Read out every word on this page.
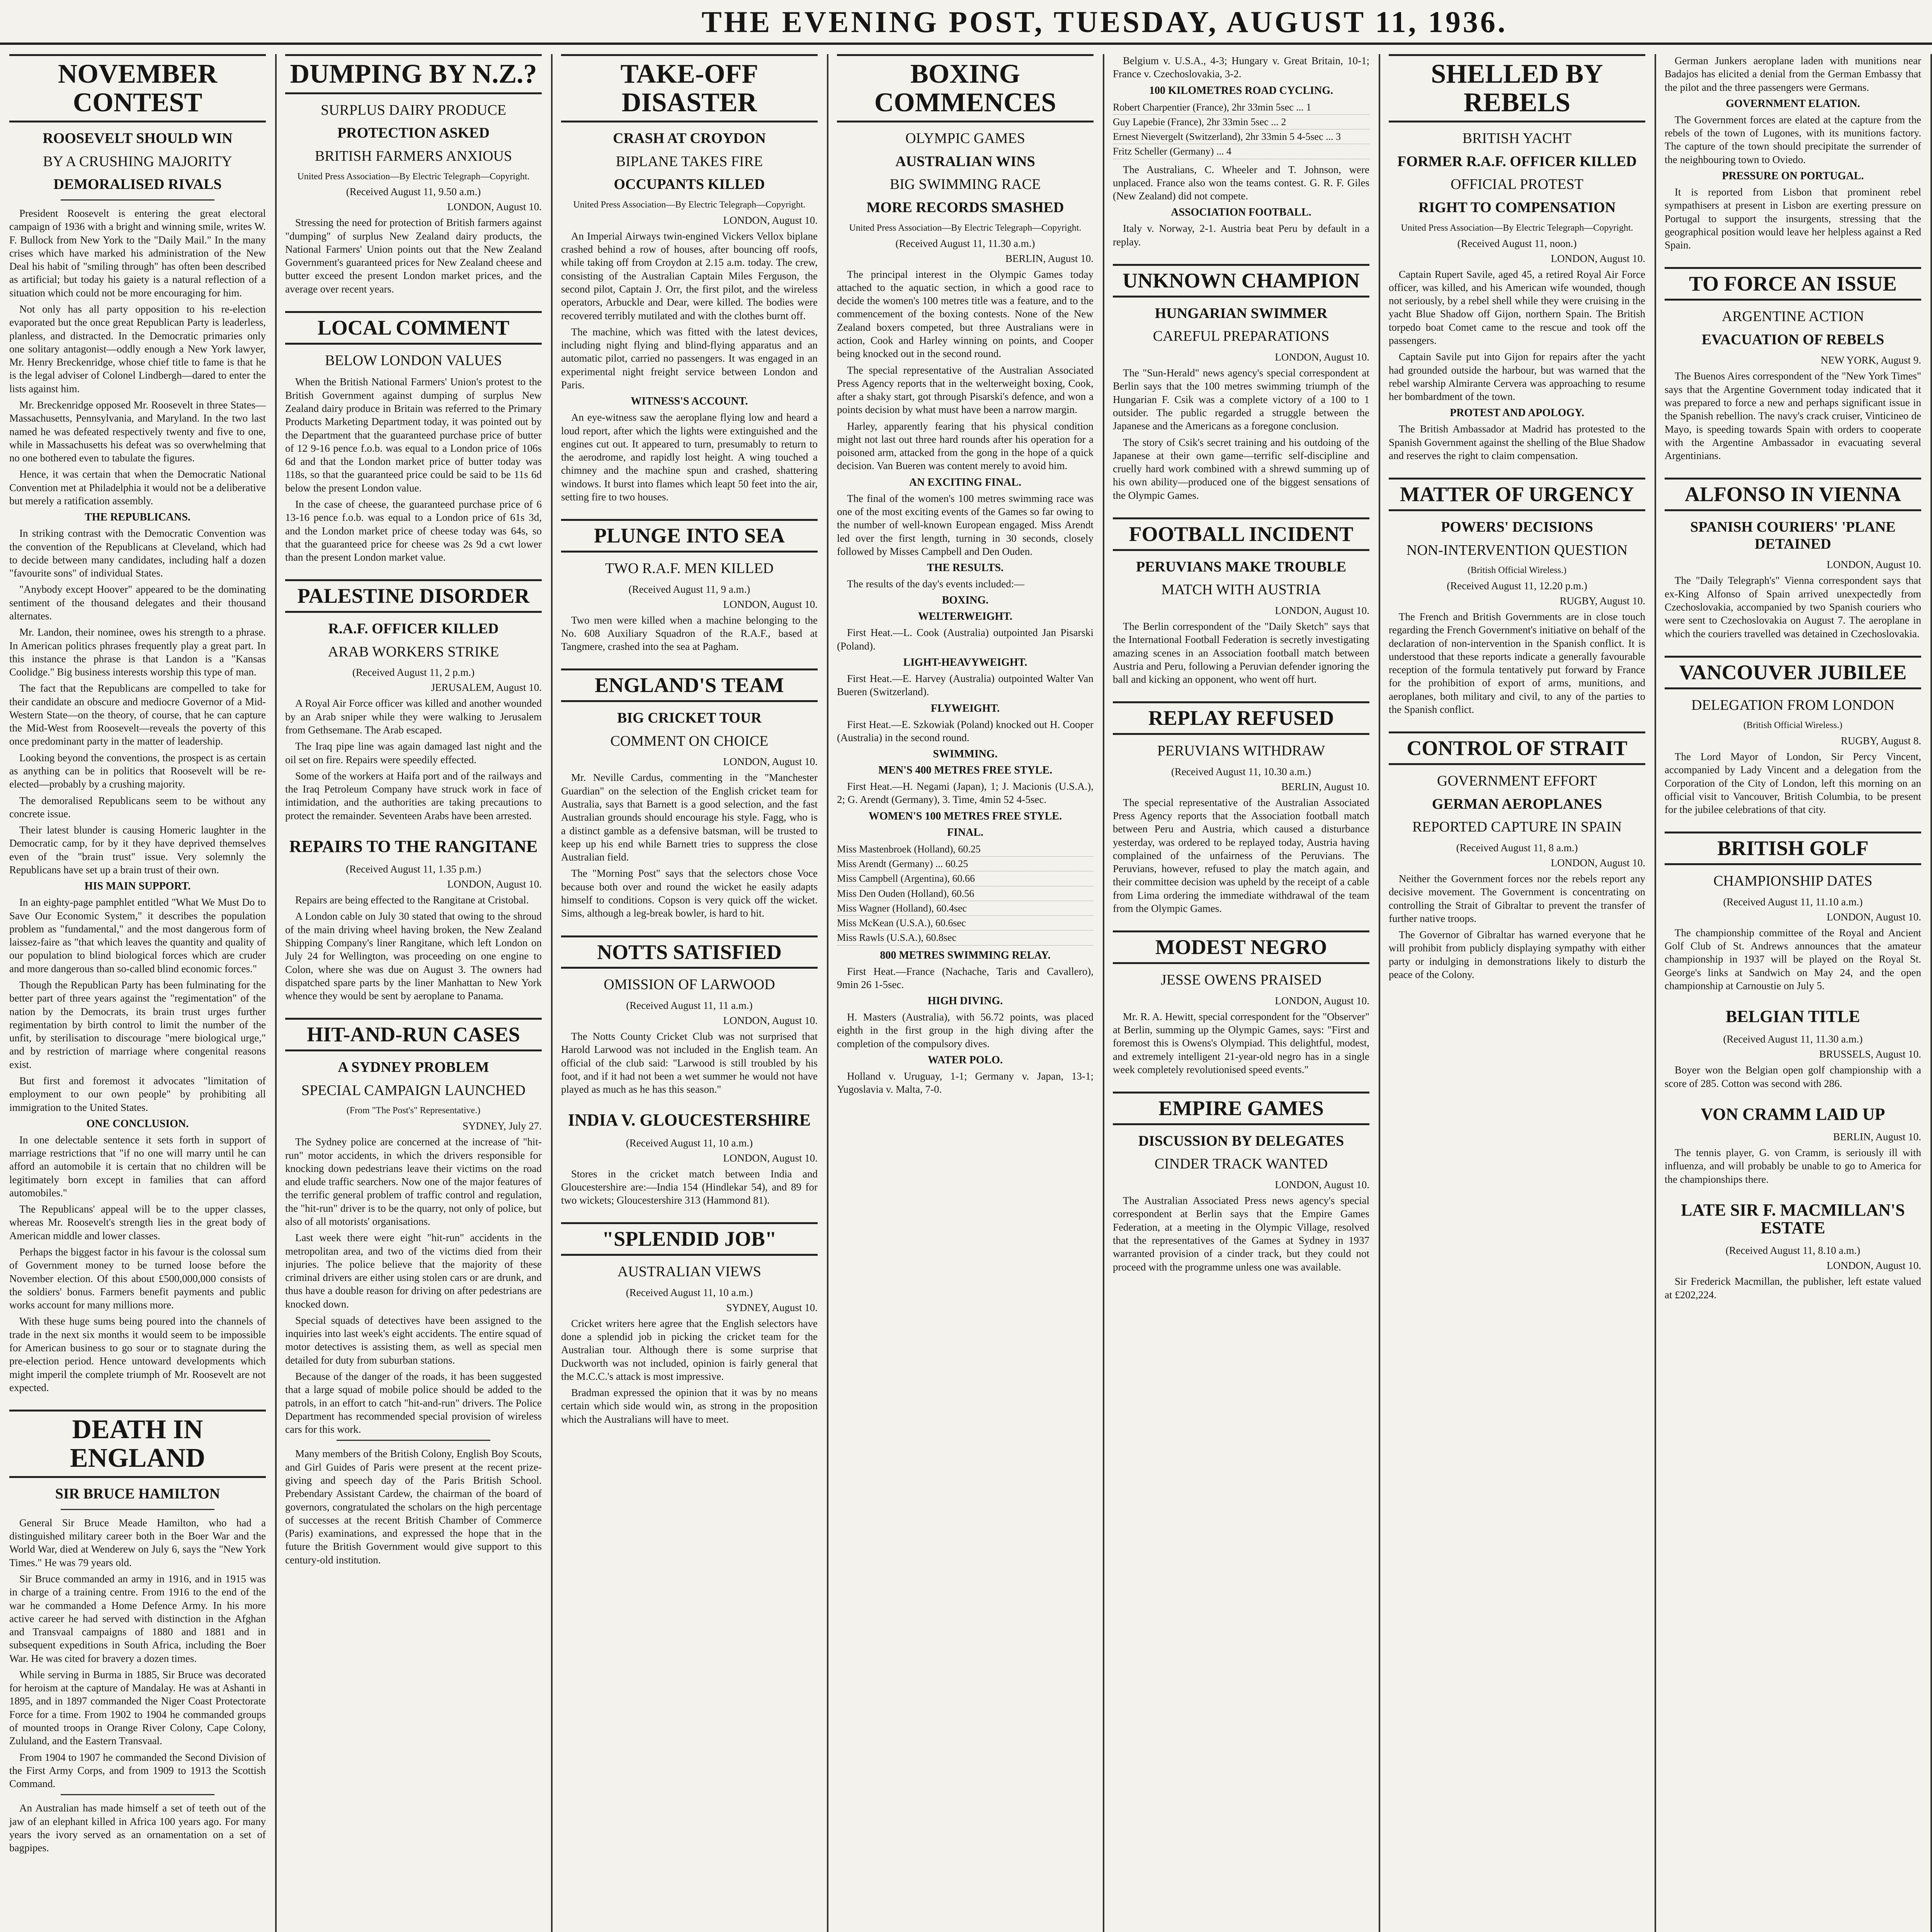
THE EVENING POST, TUESDAY, AUGUST 11, 1936.
NOVEMBER CONTEST
ROOSEVELT SHOULD WIN
BY A CRUSHING MAJORITY
DEMORALISED RIVALS

President Roosevelt is entering the great electoral campaign of 1936 with a bright and winning smile, writes W. F. Bullock from New York to the "Daily Mail." In the many crises which have marked his administration of the New Deal his habit of "smiling through" has often been described as artificial; but today his gaiety is a natural reflection of a situation which could not be more encouraging for him.

Not only has all party opposition to his re-election evaporated but the once great Republican Party is leaderless, planless, and distracted. In the Democratic primaries only one solitary antagonist—oddly enough a New York lawyer, Mr. Henry Breckenridge, whose chief title to fame is that he is the legal adviser of Colonel Lindbergh—dared to enter the lists against him.

Mr. Breckenridge opposed Mr. Roosevelt in three States—Massachusetts, Pennsylvania, and Maryland. In the two last named he was defeated respectively twenty and five to one, while in Massachusetts his defeat was so overwhelming that no one bothered even to tabulate the figures.

Hence, it was certain that when the Democratic National Convention met at Philadelphia it would not be a deliberative but merely a ratification assembly.

THE REPUBLICANS.

In striking contrast with the Democratic Convention was the convention of the Republicans at Cleveland, which had to decide between many candidates, including half a dozen "favourite sons" of individual States.

"Anybody except Hoover" appeared to be the dominating sentiment of the thousand delegates and their thousand alternates.

Mr. Landon, their nominee, owes his strength to a phrase. In American politics phrases frequently play a great part. In this instance the phrase is that Landon is a "Kansas Coolidge." Big business interests worship this type of man.

The fact that the Republicans are compelled to take for their candidate an obscure and mediocre Governor of a Mid-Western State—on the theory, of course, that he can capture the Mid-West from Roosevelt—reveals the poverty of this once predominant party in the matter of leadership.

Looking beyond the conventions, the prospect is as certain as anything can be in politics that Roosevelt will be re-elected—probably by a crushing majority.

The demoralised Republicans seem to be without any concrete issue.

Their latest blunder is causing Homeric laughter in the Democratic camp, for by it they have deprived themselves even of the "brain trust" issue. Very solemnly the Republicans have set up a brain trust of their own.

HIS MAIN SUPPORT.

In an eighty-page pamphlet entitled "What We Must Do to Save Our Economic System," it describes the population problem as "fundamental," and the most dangerous form of laissez-faire as "that which leaves the quantity and quality of our population to blind biological forces which are cruder and more dangerous than so-called blind economic forces."

Though the Republican Party has been fulminating for the better part of three years against the "regimentation" of the nation by the Democrats, its brain trust urges further regimentation by birth control to limit the number of the unfit, by sterilisation to discourage "mere biological urge," and by restriction of marriage where congenital reasons exist.

But first and foremost it advocates "limitation of employment to our own people" by prohibiting all immigration to the United States.

ONE CONCLUSION.

In one delectable sentence it sets forth in support of marriage restrictions that "if no one will marry until he can afford an automobile it is certain that no children will be legitimately born except in families that can afford automobiles."

The Republicans' appeal will be to the upper classes, whereas Mr. Roosevelt's strength lies in the great body of American middle and lower classes.

Perhaps the biggest factor in his favour is the colossal sum of Government money to be turned loose before the November election. Of this about £500,000,000 consists of the soldiers' bonus. Farmers benefit payments and public works account for many millions more.

With these huge sums being poured into the channels of trade in the next six months it would seem to be impossible for American business to go sour or to stagnate during the pre-election period. Hence untoward developments which might imperil the complete triumph of Mr. Roosevelt are not expected.

DEATH IN ENGLAND
SIR BRUCE HAMILTON

General Sir Bruce Meade Hamilton, who had a distinguished military career both in the Boer War and the World War, died at Wenderew on July 6, says the "New York Times." He was 79 years old.

Sir Bruce commanded an army in 1916, and in 1915 was in charge of a training centre. From 1916 to the end of the war he commanded a Home Defence Army. In his more active career he had served with distinction in the Afghan and Transvaal campaigns of 1880 and 1881 and in subsequent expeditions in South Africa, including the Boer War. He was cited for bravery a dozen times.

While serving in Burma in 1885, Sir Bruce was decorated for heroism at the capture of Mandalay. He was at Ashanti in 1895, and in 1897 commanded the Niger Coast Protectorate Force for a time. From 1902 to 1904 he commanded groups of mounted troops in Orange River Colony, Cape Colony, Zululand, and the Eastern Transvaal.

From 1904 to 1907 he commanded the Second Division of the First Army Corps, and from 1909 to 1913 the Scottish Command.

An Australian has made himself a set of teeth out of the jaw of an elephant killed in Africa 100 years ago. For many years the ivory served as an ornamentation on a set of bagpipes.

DUMPING BY N.Z.?
SURPLUS DAIRY PRODUCE
PROTECTION ASKED
BRITISH FARMERS ANXIOUS
United Press Association—By Electric Telegraph—Copyright.
(Received August 11, 9.50 a.m.)
LONDON, August 10.

Stressing the need for protection of British farmers against "dumping" of surplus New Zealand dairy products, the National Farmers' Union points out that the New Zealand Government's guaranteed prices for New Zealand cheese and butter exceed the present London market prices, and the average over recent years.

LOCAL COMMENT
BELOW LONDON VALUES

When the British National Farmers' Union's protest to the British Government against dumping of surplus New Zealand dairy produce in Britain was referred to the Primary Products Marketing Department today, it was pointed out by the Department that the guaranteed purchase price of butter of 12 9-16 pence f.o.b. was equal to a London price of 106s 6d and that the London market price of butter today was 118s, so that the guaranteed price could be said to be 11s 6d below the present London value.

In the case of cheese, the guaranteed purchase price of 6 13-16 pence f.o.b. was equal to a London price of 61s 3d, and the London market price of cheese today was 64s, so that the guaranteed price for cheese was 2s 9d a cwt lower than the present London market value.

PALESTINE DISORDER
R.A.F. OFFICER KILLED
ARAB WORKERS STRIKE
(Received August 11, 2 p.m.)
JERUSALEM, August 10.

A Royal Air Force officer was killed and another wounded by an Arab sniper while they were walking to Jerusalem from Gethsemane. The Arab escaped.

The Iraq pipe line was again damaged last night and the oil set on fire. Repairs were speedily effected.

Some of the workers at Haifa port and of the railways and the Iraq Petroleum Company have struck work in face of intimidation, and the authorities are taking precautions to protect the remainder. Seventeen Arabs have been arrested.

REPAIRS TO THE RANGITANE
(Received August 11, 1.35 p.m.)
LONDON, August 10.

Repairs are being effected to the Rangitane at Cristobal.

A London cable on July 30 stated that owing to the shroud of the main driving wheel having broken, the New Zealand Shipping Company's liner Rangitane, which left London on July 24 for Wellington, was proceeding on one engine to Colon, where she was due on August 3. The owners had dispatched spare parts by the liner Manhattan to New York whence they would be sent by aeroplane to Panama.

HIT-AND-RUN CASES
A SYDNEY PROBLEM
SPECIAL CAMPAIGN LAUNCHED
(From "The Post's" Representative.)
SYDNEY, July 27.

The Sydney police are concerned at the increase of "hit-run" motor accidents, in which the drivers responsible for knocking down pedestrians leave their victims on the road and elude traffic searchers. Now one of the major features of the terrific general problem of traffic control and regulation, the "hit-run" driver is to be the quarry, not only of police, but also of all motorists' organisations.

Last week there were eight "hit-run" accidents in the metropolitan area, and two of the victims died from their injuries. The police believe that the majority of these criminal drivers are either using stolen cars or are drunk, and thus have a double reason for driving on after pedestrians are knocked down.

Special squads of detectives have been assigned to the inquiries into last week's eight accidents. The entire squad of motor detectives is assisting them, as well as special men detailed for duty from suburban stations.

Because of the danger of the roads, it has been suggested that a large squad of mobile police should be added to the patrols, in an effort to catch "hit-and-run" drivers. The Police Department has recommended special provision of wireless cars for this work.

Many members of the British Colony, English Boy Scouts, and Girl Guides of Paris were present at the recent prize-giving and speech day of the Paris British School. Prebendary Assistant Cardew, the chairman of the board of governors, congratulated the scholars on the high percentage of successes at the recent British Chamber of Commerce (Paris) examinations, and expressed the hope that in the future the British Government would give support to this century-old institution.

TAKE-OFF DISASTER
CRASH AT CROYDON
BIPLANE TAKES FIRE
OCCUPANTS KILLED
United Press Association—By Electric Telegraph—Copyright.
LONDON, August 10.

An Imperial Airways twin-engined Vickers Vellox biplane crashed behind a row of houses, after bouncing off roofs, while taking off from Croydon at 2.15 a.m. today. The crew, consisting of the Australian Captain Miles Ferguson, the second pilot, Captain J. Orr, the first pilot, and the wireless operators, Arbuckle and Dear, were killed. The bodies were recovered terribly mutilated and with the clothes burnt off.

The machine, which was fitted with the latest devices, including night flying and blind-flying apparatus and an automatic pilot, carried no passengers. It was engaged in an experimental night freight service between London and Paris.

WITNESS'S ACCOUNT.

An eye-witness saw the aeroplane flying low and heard a loud report, after which the lights were extinguished and the engines cut out. It appeared to turn, presumably to return to the aerodrome, and rapidly lost height. A wing touched a chimney and the machine spun and crashed, shattering windows. It burst into flames which leapt 50 feet into the air, setting fire to two houses.

PLUNGE INTO SEA
TWO R.A.F. MEN KILLED
(Received August 11, 9 a.m.)
LONDON, August 10.

Two men were killed when a machine belonging to the No. 608 Auxiliary Squadron of the R.A.F., based at Tangmere, crashed into the sea at Pagham.

ENGLAND'S TEAM
BIG CRICKET TOUR
COMMENT ON CHOICE
LONDON, August 10.

Mr. Neville Cardus, commenting in the "Manchester Guardian" on the selection of the English cricket team for Australia, says that Barnett is a good selection, and the fast Australian grounds should encourage his style. Fagg, who is a distinct gamble as a defensive batsman, will be trusted to keep up his end while Barnett tries to suppress the close Australian field.

The "Morning Post" says that the selectors chose Voce because both over and round the wicket he easily adapts himself to conditions. Copson is very quick off the wicket. Sims, although a leg-break bowler, is hard to hit.

NOTTS SATISFIED
OMISSION OF LARWOOD
(Received August 11, 11 a.m.)
LONDON, August 10.

The Notts County Cricket Club was not surprised that Harold Larwood was not included in the English team. An official of the club said: "Larwood is still troubled by his foot, and if it had not been a wet summer he would not have played as much as he has this season."

INDIA V. GLOUCESTERSHIRE
(Received August 11, 10 a.m.)
LONDON, August 10.

Stores in the cricket match between India and Gloucestershire are:—India 154 (Hindlekar 54), and 89 for two wickets; Gloucestershire 313 (Hammond 81).

"SPLENDID JOB"
AUSTRALIAN VIEWS
(Received August 11, 10 a.m.)
SYDNEY, August 10.

Cricket writers here agree that the English selectors have done a splendid job in picking the cricket team for the Australian tour. Although there is some surprise that Duckworth was not included, opinion is fairly general that the M.C.C.'s attack is most impressive.

Bradman expressed the opinion that it was by no means certain which side would win, as strong in the proposition which the Australians will have to meet.

BOXING COMMENCES
OLYMPIC GAMES
AUSTRALIAN WINS
BIG SWIMMING RACE
MORE RECORDS SMASHED
United Press Association—By Electric Telegraph—Copyright.
(Received August 11, 11.30 a.m.)
BERLIN, August 10.

The principal interest in the Olympic Games today attached to the aquatic section, in which a good race to decide the women's 100 metres title was a feature, and to the commencement of the boxing contests. None of the New Zealand boxers competed, but three Australians were in action, Cook and Harley winning on points, and Cooper being knocked out in the second round.

The special representative of the Australian Associated Press Agency reports that in the welterweight boxing, Cook, after a shaky start, got through Pisarski's defence, and won a points decision by what must have been a narrow margin.

Harley, apparently fearing that his physical condition might not last out three hard rounds after his operation for a poisoned arm, attacked from the gong in the hope of a quick decision. Van Bueren was content merely to avoid him.

AN EXCITING FINAL.

The final of the women's 100 metres swimming race was one of the most exciting events of the Games so far owing to the number of well-known European engaged. Miss Arendt led over the first length, turning in 30 seconds, closely followed by Misses Campbell and Den Ouden.

THE RESULTS.

The results of the day's events included:—

BOXING.
WELTERWEIGHT.

First Heat.—L. Cook (Australia) outpointed Jan Pisarski (Poland).

LIGHT-HEAVYWEIGHT.

First Heat.—E. Harvey (Australia) outpointed Walter Van Bueren (Switzerland).

FLYWEIGHT.

First Heat.—E. Szkowiak (Poland) knocked out H. Cooper (Australia) in the second round.

SWIMMING.
MEN'S 400 METRES FREE STYLE.

First Heat.—H. Negami (Japan), 1; J. Macionis (U.S.A.), 2; G. Arendt (Germany), 3. Time, 4min 52 4-5sec.

WOMEN'S 100 METRES FREE STYLE.
FINAL.
Miss Mastenbroek (Holland), 60.25
Miss Arendt (Germany) ... 60.25
Miss Campbell (Argentina), 60.66
Miss Den Ouden (Holland), 60.56
Miss Wagner (Holland), 60.4sec
Miss McKean (U.S.A.), 60.6sec
Miss Rawls (U.S.A.), 60.8sec
800 METRES SWIMMING RELAY.

First Heat.—France (Nachache, Taris and Cavallero), 9min 26 1-5sec.

HIGH DIVING.

H. Masters (Australia), with 56.72 points, was placed eighth in the first group in the high diving after the completion of the compulsory dives.

WATER POLO.

Holland v. Uruguay, 1-1; Germany v. Japan, 13-1; Yugoslavia v. Malta, 7-0.

Belgium v. U.S.A., 4-3; Hungary v. Great Britain, 10-1; France v. Czechoslovakia, 3-2.

100 KILOMETRES ROAD CYCLING.
Robert Charpentier (France), 2hr 33min 5sec ... 1
Guy Lapebie (France), 2hr 33min 5sec ... 2
Ernest Nievergelt (Switzerland), 2hr 33min 5 4-5sec ... 3
Fritz Scheller (Germany) ... 4

The Australians, C. Wheeler and T. Johnson, were unplaced. France also won the teams contest. G. R. F. Giles (New Zealand) did not compete.

ASSOCIATION FOOTBALL.

Italy v. Norway, 2-1. Austria beat Peru by default in a replay.

UNKNOWN CHAMPION
HUNGARIAN SWIMMER
CAREFUL PREPARATIONS
LONDON, August 10.

The "Sun-Herald" news agency's special correspondent at Berlin says that the 100 metres swimming triumph of the Hungarian F. Csik was a complete victory of a 100 to 1 outsider. The public regarded a struggle between the Japanese and the Americans as a foregone conclusion.

The story of Csik's secret training and his outdoing of the Japanese at their own game—terrific self-discipline and cruelly hard work combined with a shrewd summing up of his own ability—produced one of the biggest sensations of the Olympic Games.

FOOTBALL INCIDENT
PERUVIANS MAKE TROUBLE
MATCH WITH AUSTRIA
LONDON, August 10.

The Berlin correspondent of the "Daily Sketch" says that the International Football Federation is secretly investigating amazing scenes in an Association football match between Austria and Peru, following a Peruvian defender ignoring the ball and kicking an opponent, who went off hurt.

REPLAY REFUSED
PERUVIANS WITHDRAW
(Received August 11, 10.30 a.m.)
BERLIN, August 10.

The special representative of the Australian Associated Press Agency reports that the Association football match between Peru and Austria, which caused a disturbance yesterday, was ordered to be replayed today, Austria having complained of the unfairness of the Peruvians. The Peruvians, however, refused to play the match again, and their committee decision was upheld by the receipt of a cable from Lima ordering the immediate withdrawal of the team from the Olympic Games.

MODEST NEGRO
JESSE OWENS PRAISED
LONDON, August 10.

Mr. R. A. Hewitt, special correspondent for the "Observer" at Berlin, summing up the Olympic Games, says: "First and foremost this is Owens's Olympiad. This delightful, modest, and extremely intelligent 21-year-old negro has in a single week completely revolutionised speed events."

EMPIRE GAMES
DISCUSSION BY DELEGATES
CINDER TRACK WANTED
LONDON, August 10.

The Australian Associated Press news agency's special correspondent at Berlin says that the Empire Games Federation, at a meeting in the Olympic Village, resolved that the representatives of the Games at Sydney in 1937 warranted provision of a cinder track, but they could not proceed with the programme unless one was available.

SHELLED BY REBELS
BRITISH YACHT
FORMER R.A.F. OFFICER KILLED
OFFICIAL PROTEST
RIGHT TO COMPENSATION
United Press Association—By Electric Telegraph—Copyright.
(Received August 11, noon.)
LONDON, August 10.

Captain Rupert Savile, aged 45, a retired Royal Air Force officer, was killed, and his American wife wounded, though not seriously, by a rebel shell while they were cruising in the yacht Blue Shadow off Gijon, northern Spain. The British torpedo boat Comet came to the rescue and took off the passengers.

Captain Savile put into Gijon for repairs after the yacht had grounded outside the harbour, but was warned that the rebel warship Almirante Cervera was approaching to resume her bombardment of the town.

PROTEST AND APOLOGY.

The British Ambassador at Madrid has protested to the Spanish Government against the shelling of the Blue Shadow and reserves the right to claim compensation.

MATTER OF URGENCY
POWERS' DECISIONS
NON-INTERVENTION QUESTION
(British Official Wireless.)
(Received August 11, 12.20 p.m.)
RUGBY, August 10.

The French and British Governments are in close touch regarding the French Government's initiative on behalf of the declaration of non-intervention in the Spanish conflict. It is understood that these reports indicate a generally favourable reception of the formula tentatively put forward by France for the prohibition of export of arms, munitions, and aeroplanes, both military and civil, to any of the parties to the Spanish conflict.

CONTROL OF STRAIT
GOVERNMENT EFFORT
GERMAN AEROPLANES
REPORTED CAPTURE IN SPAIN
(Received August 11, 8 a.m.)
LONDON, August 10.

Neither the Government forces nor the rebels report any decisive movement. The Government is concentrating on controlling the Strait of Gibraltar to prevent the transfer of further native troops.

The Governor of Gibraltar has warned everyone that he will prohibit from publicly displaying sympathy with either party or indulging in demonstrations likely to disturb the peace of the Colony.

German Junkers aeroplane laden with munitions near Badajos has elicited a denial from the German Embassy that the pilot and the three passengers were Germans.

GOVERNMENT ELATION.

The Government forces are elated at the capture from the rebels of the town of Lugones, with its munitions factory. The capture of the town should precipitate the surrender of the neighbouring town to Oviedo.

PRESSURE ON PORTUGAL.

It is reported from Lisbon that prominent rebel sympathisers at present in Lisbon are exerting pressure on Portugal to support the insurgents, stressing that the geographical position would leave her helpless against a Red Spain.

TO FORCE AN ISSUE
ARGENTINE ACTION
EVACUATION OF REBELS
NEW YORK, August 9.

The Buenos Aires correspondent of the "New York Times" says that the Argentine Government today indicated that it was prepared to force a new and perhaps significant issue in the Spanish rebellion. The navy's crack cruiser, Vinticineo de Mayo, is speeding towards Spain with orders to cooperate with the Argentine Ambassador in evacuating several Argentinians.

ALFONSO IN VIENNA
SPANISH COURIERS' 'PLANE DETAINED
LONDON, August 10.

The "Daily Telegraph's" Vienna correspondent says that ex-King Alfonso of Spain arrived unexpectedly from Czechoslovakia, accompanied by two Spanish couriers who were sent to Czechoslovakia on August 7. The aeroplane in which the couriers travelled was detained in Czechoslovakia.

VANCOUVER JUBILEE
DELEGATION FROM LONDON
(British Official Wireless.)
RUGBY, August 8.

The Lord Mayor of London, Sir Percy Vincent, accompanied by Lady Vincent and a delegation from the Corporation of the City of London, left this morning on an official visit to Vancouver, British Columbia, to be present for the jubilee celebrations of that city.

BRITISH GOLF
CHAMPIONSHIP DATES
(Received August 11, 11.10 a.m.)
LONDON, August 10.

The championship committee of the Royal and Ancient Golf Club of St. Andrews announces that the amateur championship in 1937 will be played on the Royal St. George's links at Sandwich on May 24, and the open championship at Carnoustie on July 5.

BELGIAN TITLE
(Received August 11, 11.30 a.m.)
BRUSSELS, August 10.

Boyer won the Belgian open golf championship with a score of 285. Cotton was second with 286.

VON CRAMM LAID UP
BERLIN, August 10.

The tennis player, G. von Cramm, is seriously ill with influenza, and will probably be unable to go to America for the championships there.

LATE SIR F. MACMILLAN'S ESTATE
(Received August 11, 8.10 a.m.)
LONDON, August 10.

Sir Frederick Macmillan, the publisher, left estate valued at £202,224.
